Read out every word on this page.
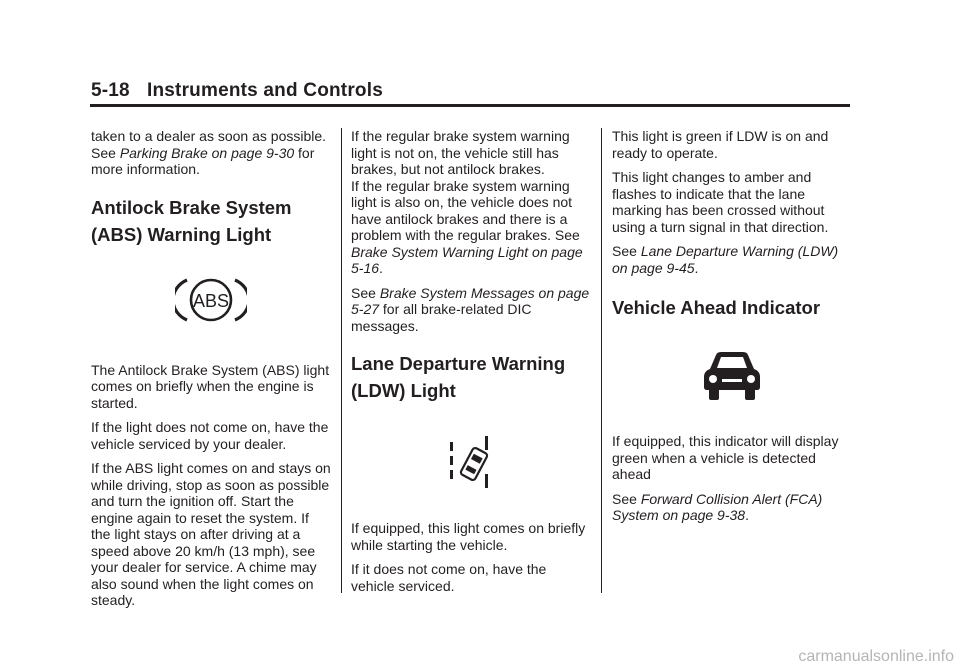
5-18 Instruments and Controls

taken to a dealer as soon as possible. See Parking Brake on page 9-30 for more information.

Antilock Brake System
(ABS) Warning Light
ABS

The Antilock Brake System (ABS) light comes on briefly when the engine is started.

If the light does not come on, have the vehicle serviced by your dealer.

If the ABS light comes on and stays on while driving, stop as soon as possible and turn the ignition off. Start the engine again to reset the system. If the light stays on after driving at a speed above 20 km/h (13 mph), see your dealer for service. A chime may also sound when the light comes on steady.

If the regular brake system warning light is not on, the vehicle still has brakes, but not antilock brakes.

If the regular brake system warning light is also on, the vehicle does not have antilock brakes and there is a problem with the regular brakes. See Brake System Warning Light on page 5-16.

See Brake System Messages on page 5-27 for all brake-related DIC messages.

Lane Departure Warning
(LDW) Light

If equipped, this light comes on briefly while starting the vehicle.

If it does not come on, have the vehicle serviced.

This light is green if LDW is on and ready to operate.

This light changes to amber and flashes to indicate that the lane marking has been crossed without using a turn signal in that direction.

See Lane Departure Warning (LDW) on page 9-45.

Vehicle Ahead Indicator

If equipped, this indicator will display green when a vehicle is detected ahead

See Forward Collision Alert (FCA) System on page 9-38.

carmanualsonline.info
